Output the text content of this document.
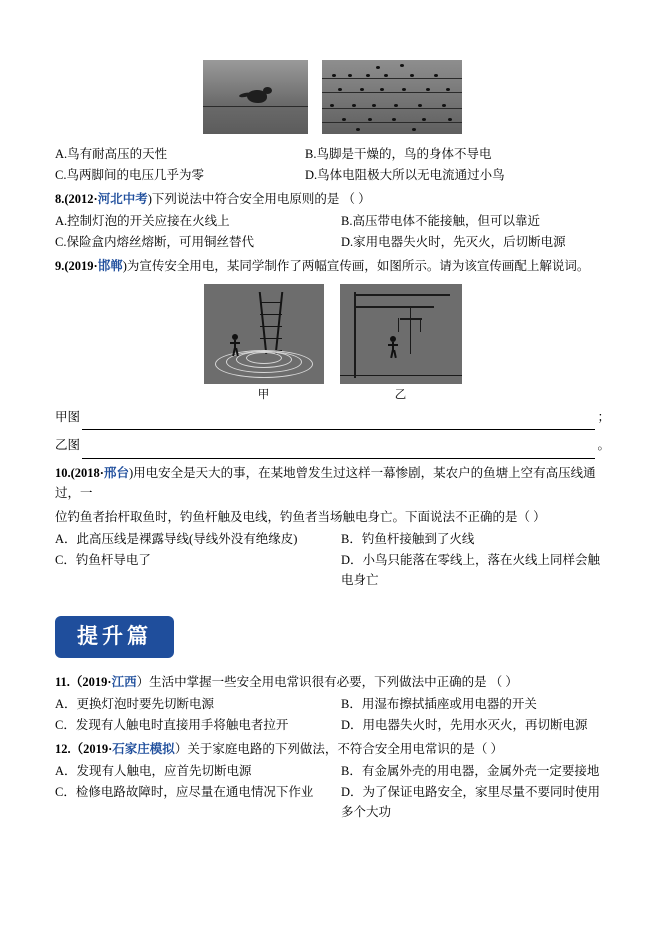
A.鸟有耐高压的天性	B.鸟脚是干燥的，鸟的身体不导电
C.鸟两脚间的电压几乎为零	D.鸟体电阻极大所以无电流通过小鸟
8.(2012·河北中考)下列说法中符合安全用电原则的是 （ ）
A.控制灯泡的开关应接在火线上	B.高压带电体不能接触，但可以靠近
C.保险盒内熔丝熔断，可用铜丝替代	D.家用电器失火时，先灭火，后切断电源
9.(2019·邯郸)为宣传安全用电，某同学制作了两幅宣传画，如图所示。请为该宣传画配上解说词。
甲	乙
甲图	；
乙图	。
10.(2018·邢台)用电安全是天大的事，在某地曾发生过这样一幕惨剧，某农户的鱼塘上空有高压线通过，一
位钓鱼者抬杆取鱼时，钓鱼杆触及电线，钓鱼者当场触电身亡。下面说法不正确的是（ ）
A．此高压线是裸露导线(导线外没有绝缘皮)	B．钓鱼杆接触到了火线
C．钓鱼杆导电了	D．小鸟只能落在零线上，落在火线上同样会触电身亡
提升篇
11.（2019·江西）生活中掌握一些安全用电常识很有必要，下列做法中正确的是 （ ）
A．更换灯泡时要先切断电源	B．用湿布擦拭插座或用电器的开关
C．发现有人触电时直接用手将触电者拉开	D．用电器失火时，先用水灭火，再切断电源
12.（2019·石家庄模拟）关于家庭电路的下列做法，不符合安全用电常识的是（ ）
A．发现有人触电，应首先切断电源	B．有金属外壳的用电器，金属外壳一定要接地
C．检修电路故障时，应尽量在通电情况下作业	D．为了保证电路安全，家里尽量不要同时使用多个大功
